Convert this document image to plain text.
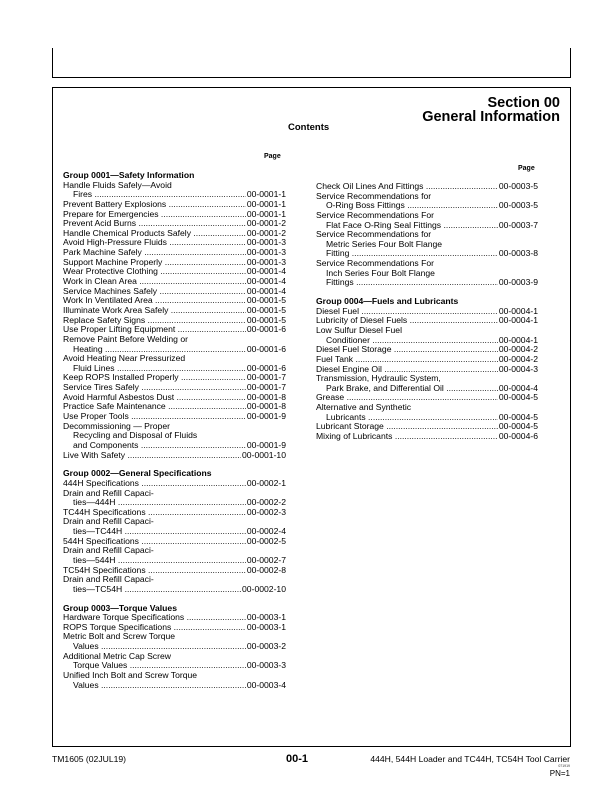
Section 00
General Information
Contents
Page
Page
Group 0001—Safety Information
Handle Fluids Safely—Avoid
Fires .....	00-0001-1
Prevent Battery Explosions .....	00-0001-1
Prepare for Emergencies .....	00-0001-1
Prevent Acid Burns .....	00-0001-2
Handle Chemical Products Safely .....	00-0001-2
Avoid High-Pressure Fluids .....	00-0001-3
Park Machine Safely .....	00-0001-3
Support Machine Properly .....	00-0001-3
Wear Protective Clothing .....	00-0001-4
Work in Clean Area .....	00-0001-4
Service Machines Safely .....	00-0001-4
Work In Ventilated Area .....	00-0001-5
Illuminate Work Area Safely .....	00-0001-5
Replace Safety Signs .....	00-0001-5
Use Proper Lifting Equipment .....	00-0001-6
Remove Paint Before Welding or
Heating .....	00-0001-6
Avoid Heating Near Pressurized
Fluid Lines .....	00-0001-6
Keep ROPS Installed Properly .....	00-0001-7
Service Tires Safely .....	00-0001-7
Avoid Harmful Asbestos Dust .....	00-0001-8
Practice Safe Maintenance .....	00-0001-8
Use Proper Tools .....	00-0001-9
Decommissioning — Proper
Recycling and Disposal of Fluids
and Components .....	00-0001-9
Live With Safety .....	00-0001-10
Group 0002—General Specifications
444H Specifications .....	00-0002-1
Drain and Refill Capaci-
ties—444H .....	00-0002-2
TC44H Specifications .....	00-0002-3
Drain and Refill Capaci-
ties—TC44H .....	00-0002-4
544H Specifications .....	00-0002-5
Drain and Refill Capaci-
ties—544H .....	00-0002-7
TC54H Specifications .....	00-0002-8
Drain and Refill Capaci-
ties—TC54H .....	00-0002-10
Group 0003—Torque Values
Hardware Torque Specifications .....	00-0003-1
ROPS Torque Specifications .....	00-0003-1
Metric Bolt and Screw Torque
Values .....	00-0003-2
Additional Metric Cap Screw
Torque Values .....	00-0003-3
Unified Inch Bolt and Screw Torque
Values .....	00-0003-4
Check Oil Lines And Fittings .....	00-0003-5
Service Recommendations for
O-Ring Boss Fittings .....	00-0003-5
Service Recommendations For
Flat Face O-Ring Seal Fittings .....	00-0003-7
Service Recommendations for
Metric Series Four Bolt Flange
Fitting .....	00-0003-8
Service Recommendations For
Inch Series Four Bolt Flange
Fittings .....	00-0003-9
Group 0004—Fuels and Lubricants
Diesel Fuel .....	00-0004-1
Lubricity of Diesel Fuels .....	00-0004-1
Low Sulfur Diesel Fuel
Conditioner .....	00-0004-1
Diesel Fuel Storage .....	00-0004-2
Fuel Tank .....	00-0004-2
Diesel Engine Oil .....	00-0004-3
Transmission, Hydraulic System,
Park Brake, and Differential Oil .....	00-0004-4
Grease .....	00-0004-5
Alternative and Synthetic
Lubricants .....	00-0004-5
Lubricant Storage .....	00-0004-5
Mixing of Lubricants .....	00-0004-6
TM1605 (02JUL19)	00-1	444H, 544H Loader and TC44H, TC54H Tool Carrier
071919
PN=1
